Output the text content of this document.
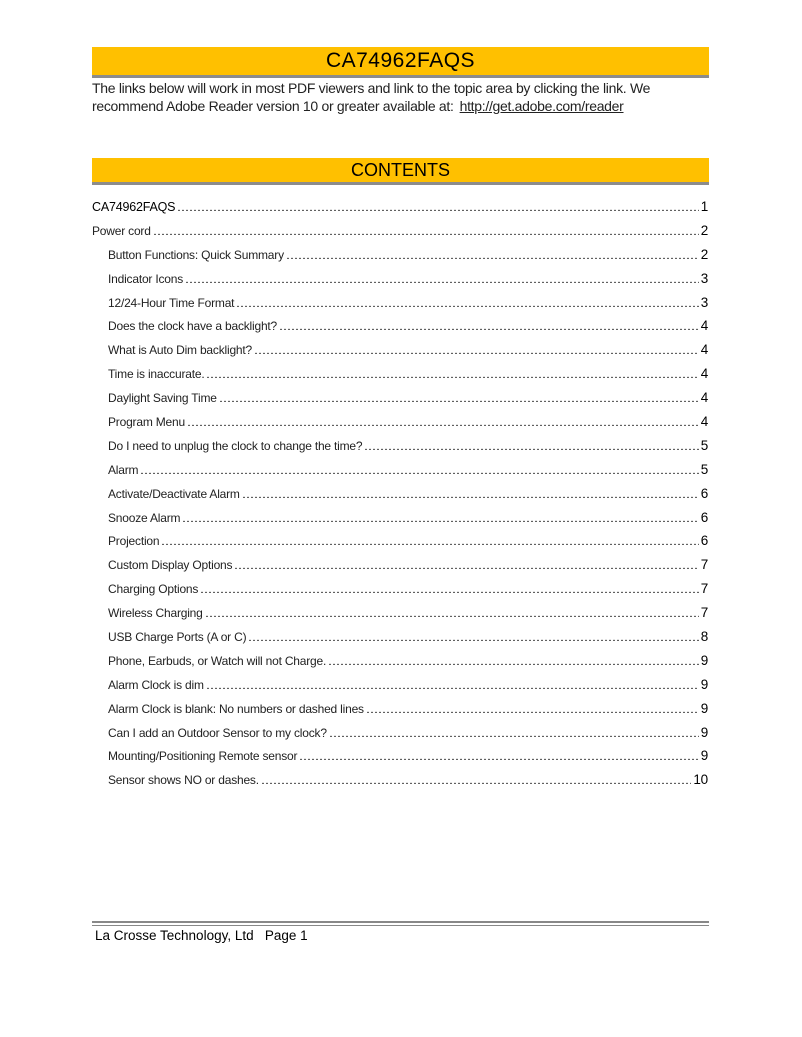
CA74962FAQS
The links below will work in most PDF viewers and link to the topic area by clicking the link. We recommend Adobe Reader version 10 or greater available at: http://get.adobe.com/reader
CONTENTS
CA74962FAQS	1
Power cord	2
Button Functions: Quick Summary	2
Indicator Icons	3
12/24-Hour Time Format	3
Does the clock have a backlight?	4
What is Auto Dim backlight?	4
Time is inaccurate.	4
Daylight Saving Time	4
Program Menu	4
Do I need to unplug the clock to change the time?	5
Alarm	5
Activate/Deactivate Alarm	6
Snooze Alarm	6
Projection	6
Custom Display Options	7
Charging Options	7
Wireless Charging	7
USB Charge Ports (A or C)	8
Phone, Earbuds, or Watch will not Charge.	9
Alarm Clock is dim	9
Alarm Clock is blank: No numbers or dashed lines	9
Can I add an Outdoor Sensor to my clock?	9
Mounting/Positioning Remote sensor	9
Sensor shows NO or dashes.	10
La Crosse Technology, Ltd   Page 1
